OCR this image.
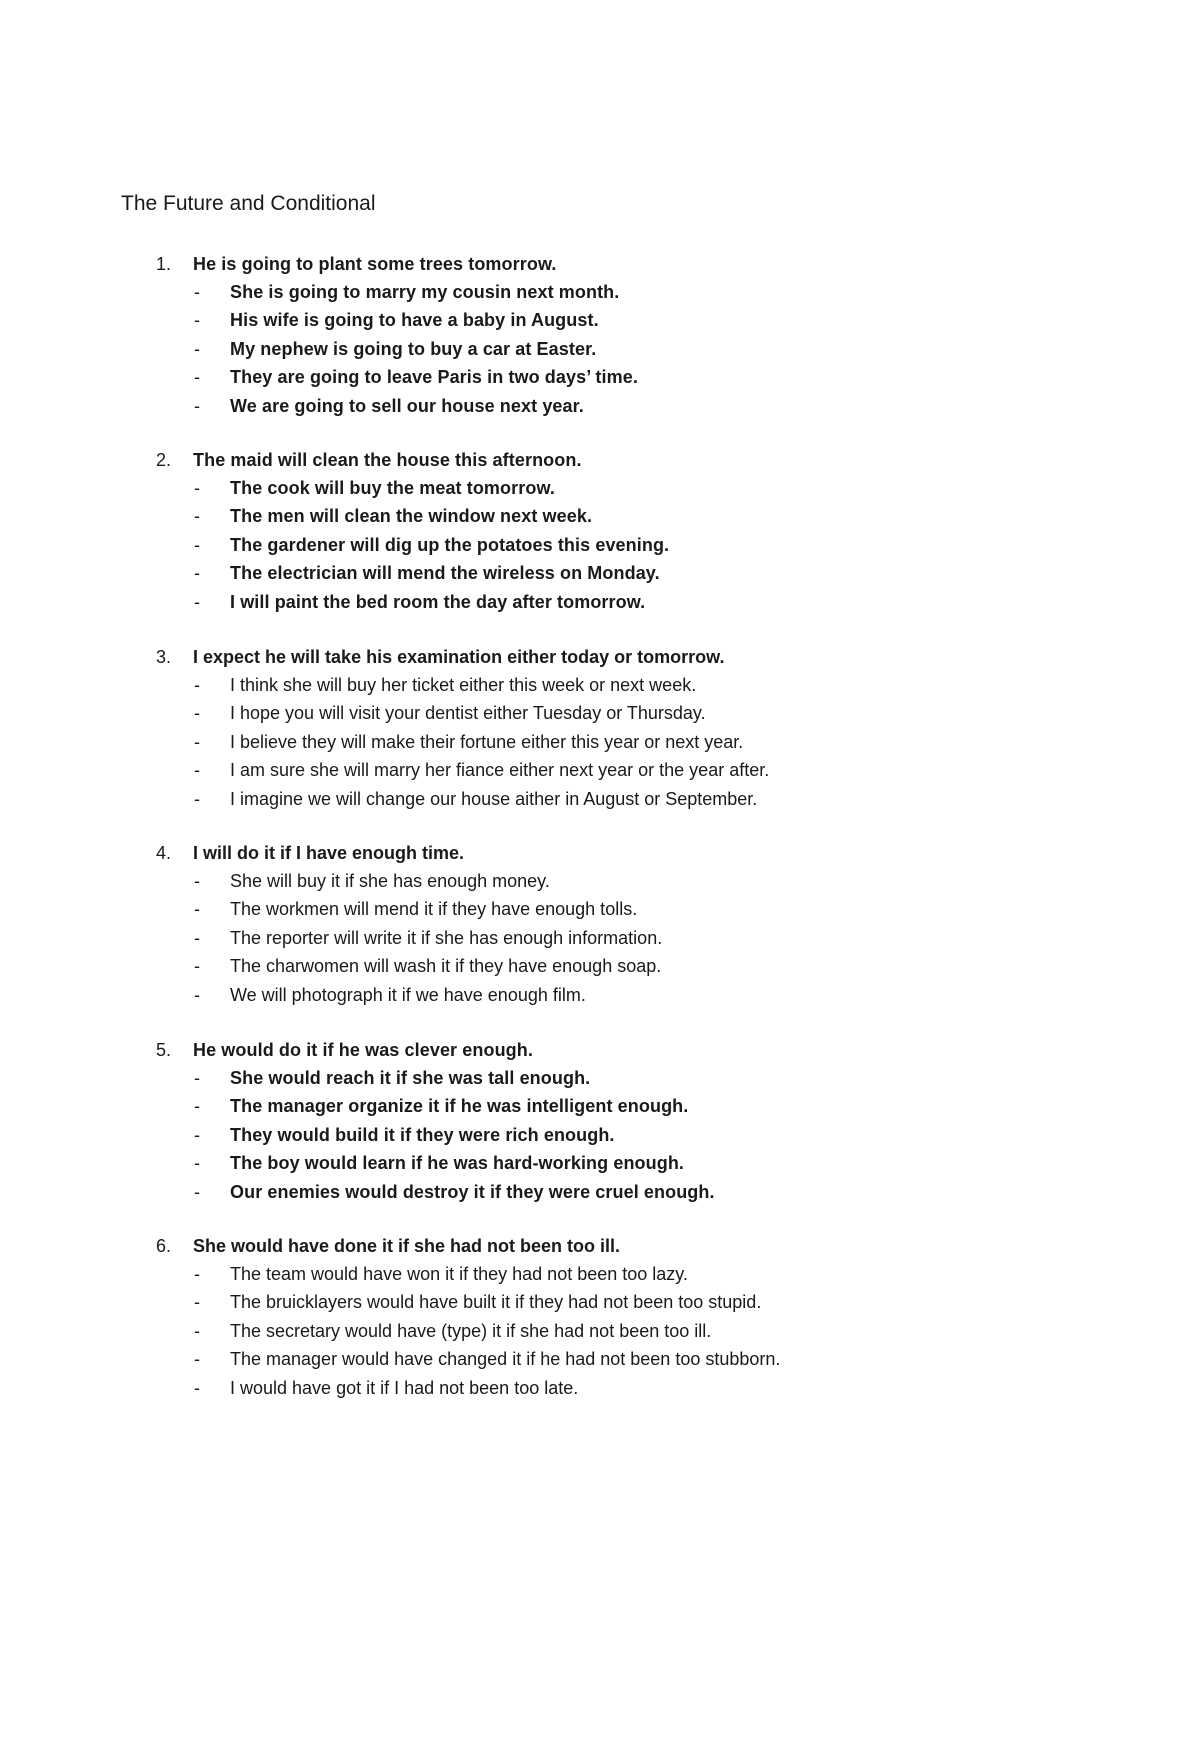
The Future and Conditional
1. He is going to plant some trees tomorrow.
- She is going to marry my cousin next month.
- His wife is going to have a baby in August.
- My nephew is going to buy a car at Easter.
- They are going to leave Paris in two days’ time.
- We are going to sell our house next year.
2. The maid will clean the house this afternoon.
- The cook will buy the meat tomorrow.
- The men will clean the window next week.
- The gardener will dig up the potatoes this evening.
- The electrician will mend the wireless on Monday.
- I will paint the bed room the day after tomorrow.
3. I expect he will take his examination either today or tomorrow.
- I think she will buy her ticket either this week or next week.
- I hope you will visit your dentist either Tuesday or Thursday.
- I believe they will make their fortune either this year or next year.
- I am sure she will marry her fiance either next year or the year after.
- I imagine we will change our house aither in August or September.
4. I will do it if I have enough time.
- She will buy it if she has enough money.
- The workmen will mend it if they have enough tolls.
- The reporter will write it if she has enough information.
- The charwomen will wash it if they have enough soap.
- We will photograph it if we have enough film.
5. He would do it if he was clever enough.
- She would reach it if she was tall enough.
- The manager organize it if he was intelligent enough.
- They would build it if they were rich enough.
- The boy would learn if he was hard-working enough.
- Our enemies would destroy it if they were cruel enough.
6. She would have done it if she had not been too ill.
- The team would have won it if they had not been too lazy.
- The bruicklayers would have built it if they had not been too stupid.
- The secretary would have (type) it if she had not been too ill.
- The manager would have changed it if he had not been too stubborn.
- I would have got it if I had not been too late.
